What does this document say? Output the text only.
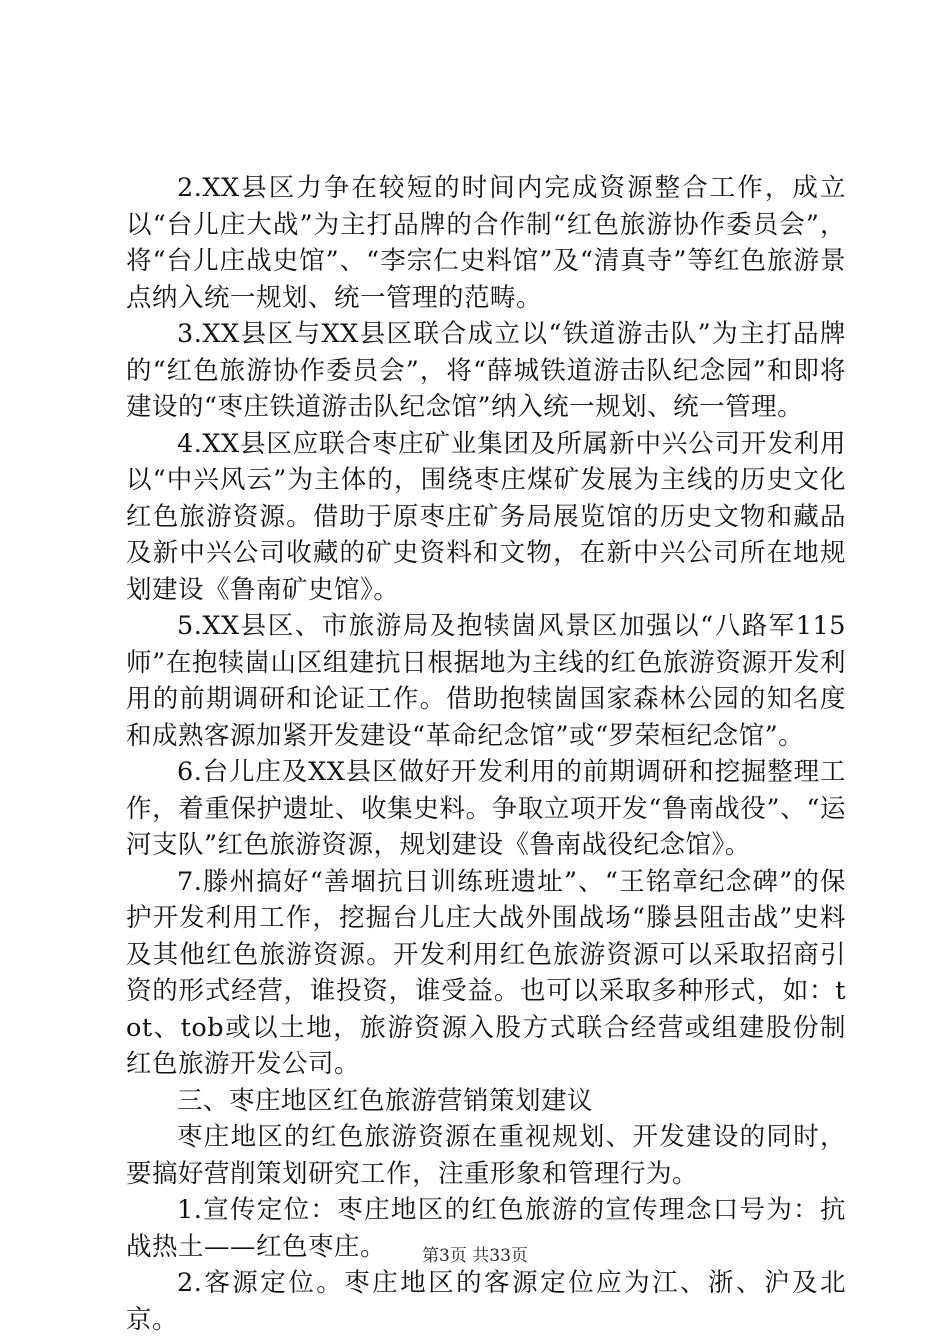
2.XX县区力争在较短的时间内完成资源整合工作，成立以“台儿庄大战”为主打品牌的合作制“红色旅游协作委员会”，将“台儿庄战史馆”、“李宗仁史料馆”及“清真寺”等红色旅游景点纳入统一规划、统一管理的范畴。

3.XX县区与XX县区联合成立以“铁道游击队”为主打品牌的“红色旅游协作委员会”，将“薛城铁道游击队纪念园”和即将建设的“枣庄铁道游击队纪念馆”纳入统一规划、统一管理。

4.XX县区应联合枣庄矿业集团及所属新中兴公司开发利用以“中兴风云”为主体的，围绕枣庄煤矿发展为主线的历史文化红色旅游资源。借助于原枣庄矿务局展览馆的历史文物和藏品及新中兴公司收藏的矿史资料和文物，在新中兴公司所在地规划建设《鲁南矿史馆》。

5.XX县区、市旅游局及抱犊崮风景区加强以“八路军115师”在抱犊崮山区组建抗日根据地为主线的红色旅游资源开发利用的前期调研和论证工作。借助抱犊崮国家森林公园的知名度和成熟客源加紧开发建设“革命纪念馆”或“罗荣桓纪念馆”。

6.台儿庄及XX县区做好开发利用的前期调研和挖掘整理工作，着重保护遗址、收集史料。争取立项开发“鲁南战役”、“运河支队”红色旅游资源，规划建设《鲁南战役纪念馆》。

7.滕州搞好“善堌抗日训练班遗址”、“王铭章纪念碑”的保护开发利用工作，挖掘台儿庄大战外围战场“滕县阻击战”史料及其他红色旅游资源。开发利用红色旅游资源可以采取招商引资的形式经营，谁投资，谁受益。也可以采取多种形式，如：tot、tob或以土地，旅游资源入股方式联合经营或组建股份制红色旅游开发公司。

三、枣庄地区红色旅游营销策划建议

枣庄地区的红色旅游资源在重视规划、开发建设的同时，要搞好营削策划研究工作，注重形象和管理行为。

1.宣传定位：枣庄地区的红色旅游的宣传理念口号为：抗战热土——红色枣庄。

2.客源定位。枣庄地区的客源定位应为江、浙、沪及北京。

第3页 共33页
